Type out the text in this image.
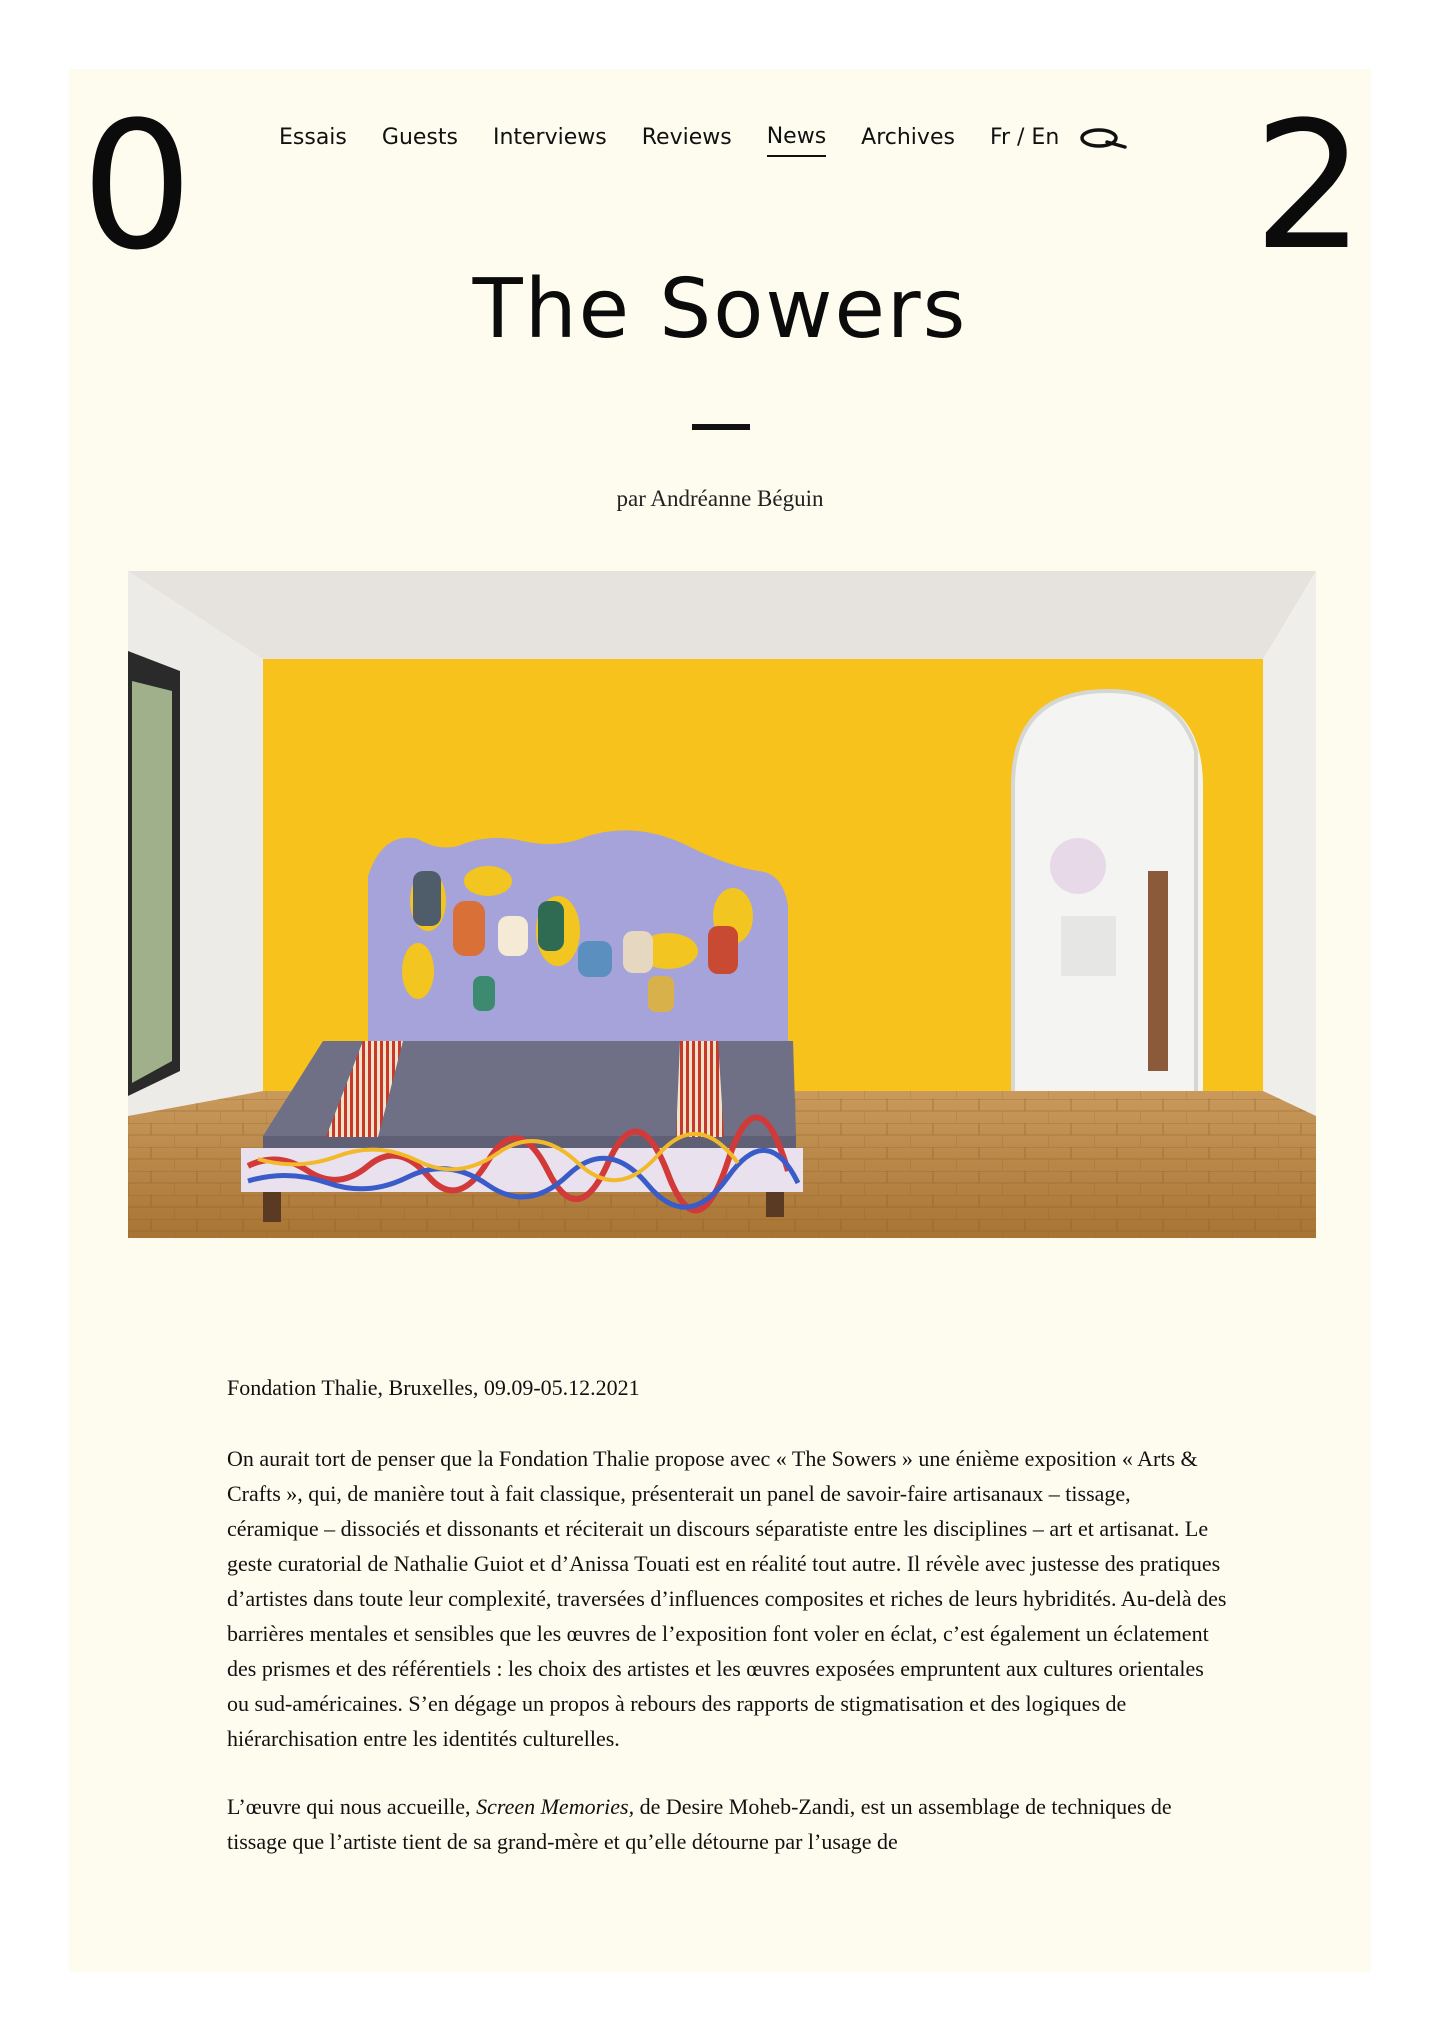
0	2
Essais Guests Interviews Reviews News Archives Fr / En
The Sowers
par Andréanne Béguin
Fondation Thalie, Bruxelles, 09.09-05.12.2021

On aurait tort de penser que la Fondation Thalie propose avec « The Sowers » une énième exposition « Arts & Crafts », qui, de manière tout à fait classique, présenterait un panel de savoir-faire artisanaux – tissage, céramique – dissociés et dissonants et réciterait un discours séparatiste entre les disciplines – art et artisanat. Le geste curatorial de Nathalie Guiot et d’Anissa Touati est en réalité tout autre. Il révèle avec justesse des pratiques d’artistes dans toute leur complexité, traversées d’influences composites et riches de leurs hybridités. Au-delà des barrières mentales et sensibles que les œuvres de l’exposition font voler en éclat, c’est également un éclatement des prismes et des référentiels : les choix des artistes et les œuvres exposées empruntent aux cultures orientales ou sud-américaines. S’en dégage un propos à rebours des rapports de stigmatisation et des logiques de hiérarchisation entre les identités culturelles.

L’œuvre qui nous accueille, Screen Memories, de Desire Moheb-Zandi, est un assemblage de techniques de tissage que l’artiste tient de sa grand-mère et qu’elle détourne par l’usage de
